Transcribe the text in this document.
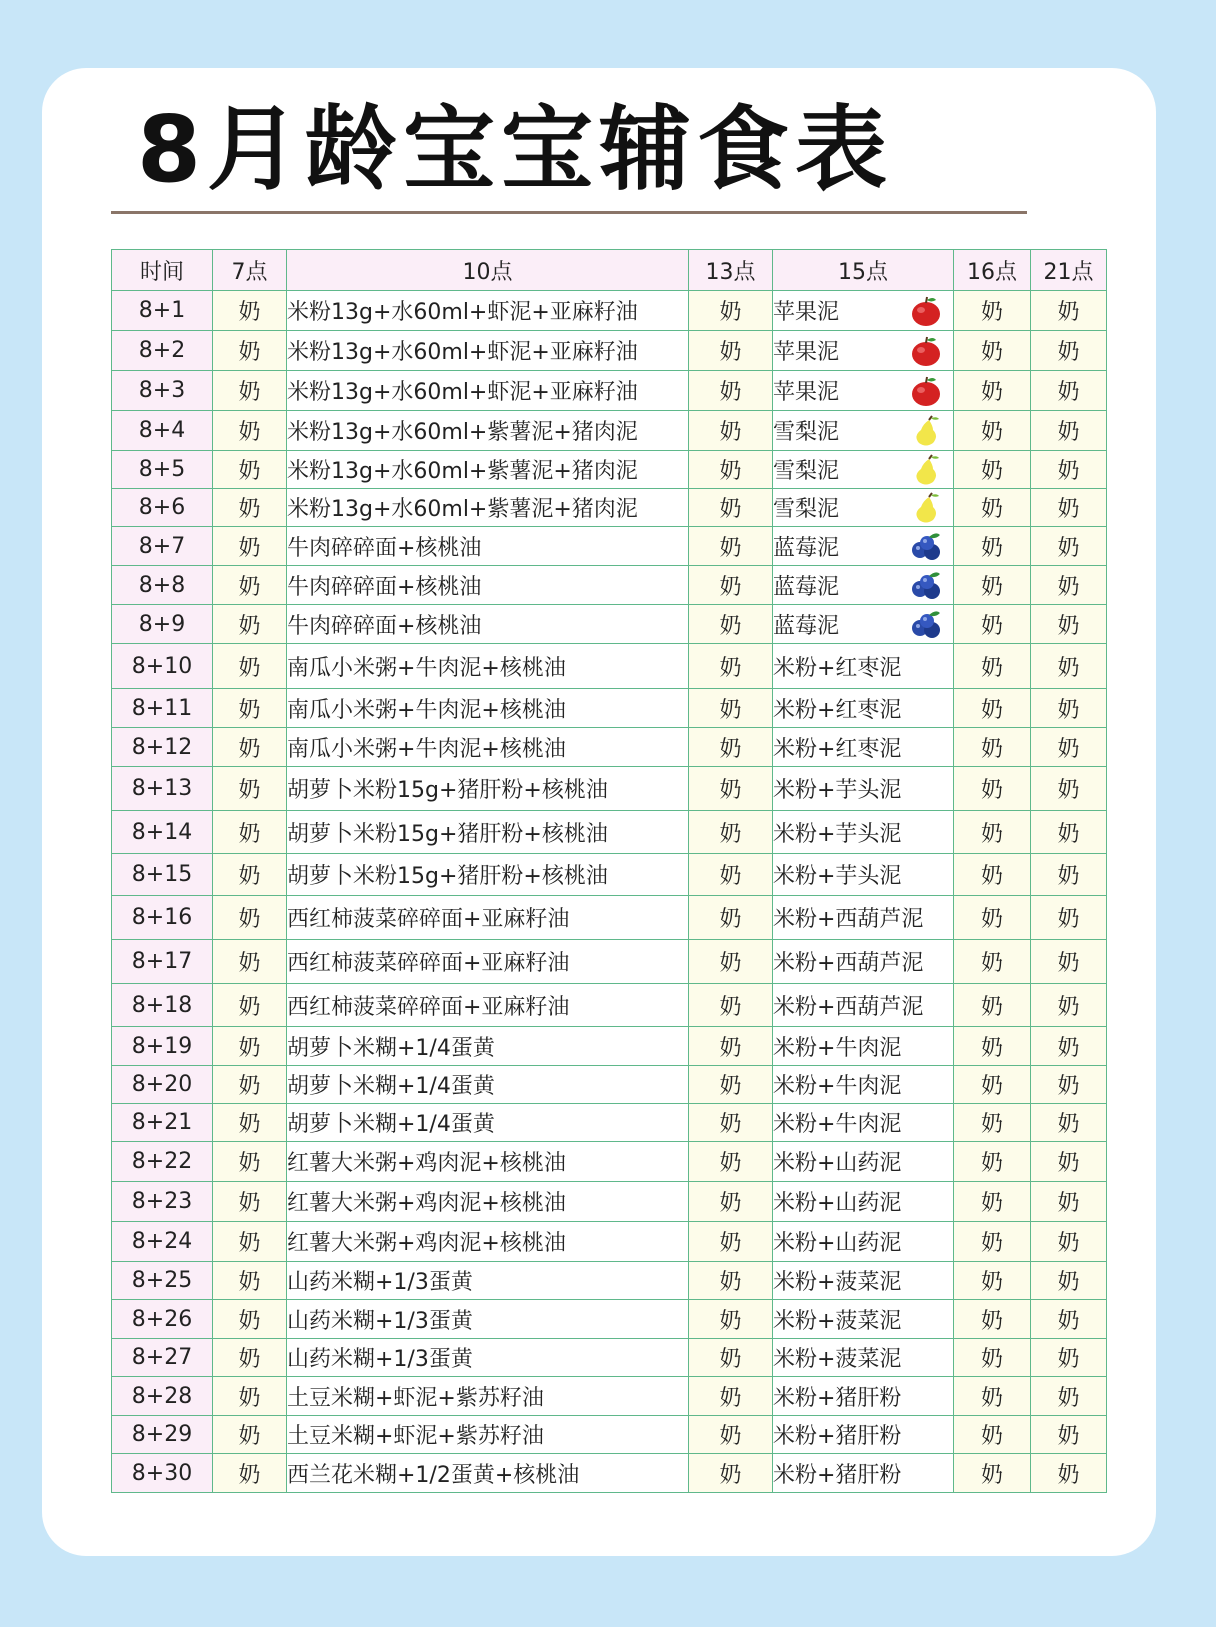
8月龄宝宝辅食表
时间	7点	10点	13点	15点	16点	21点
8+1	奶	米粉13g+水60ml+虾泥+亚麻籽油	奶	苹果泥	奶	奶
8+2	奶	米粉13g+水60ml+虾泥+亚麻籽油	奶	苹果泥	奶	奶
8+3	奶	米粉13g+水60ml+虾泥+亚麻籽油	奶	苹果泥	奶	奶
8+4	奶	米粉13g+水60ml+紫薯泥+猪肉泥	奶	雪梨泥	奶	奶
8+5	奶	米粉13g+水60ml+紫薯泥+猪肉泥	奶	雪梨泥	奶	奶
8+6	奶	米粉13g+水60ml+紫薯泥+猪肉泥	奶	雪梨泥	奶	奶
8+7	奶	牛肉碎碎面+核桃油	奶	蓝莓泥	奶	奶
8+8	奶	牛肉碎碎面+核桃油	奶	蓝莓泥	奶	奶
8+9	奶	牛肉碎碎面+核桃油	奶	蓝莓泥	奶	奶
8+10	奶	南瓜小米粥+牛肉泥+核桃油	奶	米粉+红枣泥	奶	奶
8+11	奶	南瓜小米粥+牛肉泥+核桃油	奶	米粉+红枣泥	奶	奶
8+12	奶	南瓜小米粥+牛肉泥+核桃油	奶	米粉+红枣泥	奶	奶
8+13	奶	胡萝卜米粉15g+猪肝粉+核桃油	奶	米粉+芋头泥	奶	奶
8+14	奶	胡萝卜米粉15g+猪肝粉+核桃油	奶	米粉+芋头泥	奶	奶
8+15	奶	胡萝卜米粉15g+猪肝粉+核桃油	奶	米粉+芋头泥	奶	奶
8+16	奶	西红柿菠菜碎碎面+亚麻籽油	奶	米粉+西葫芦泥	奶	奶
8+17	奶	西红柿菠菜碎碎面+亚麻籽油	奶	米粉+西葫芦泥	奶	奶
8+18	奶	西红柿菠菜碎碎面+亚麻籽油	奶	米粉+西葫芦泥	奶	奶
8+19	奶	胡萝卜米糊+1/4蛋黄	奶	米粉+牛肉泥	奶	奶
8+20	奶	胡萝卜米糊+1/4蛋黄	奶	米粉+牛肉泥	奶	奶
8+21	奶	胡萝卜米糊+1/4蛋黄	奶	米粉+牛肉泥	奶	奶
8+22	奶	红薯大米粥+鸡肉泥+核桃油	奶	米粉+山药泥	奶	奶
8+23	奶	红薯大米粥+鸡肉泥+核桃油	奶	米粉+山药泥	奶	奶
8+24	奶	红薯大米粥+鸡肉泥+核桃油	奶	米粉+山药泥	奶	奶
8+25	奶	山药米糊+1/3蛋黄	奶	米粉+菠菜泥	奶	奶
8+26	奶	山药米糊+1/3蛋黄	奶	米粉+菠菜泥	奶	奶
8+27	奶	山药米糊+1/3蛋黄	奶	米粉+菠菜泥	奶	奶
8+28	奶	土豆米糊+虾泥+紫苏籽油	奶	米粉+猪肝粉	奶	奶
8+29	奶	土豆米糊+虾泥+紫苏籽油	奶	米粉+猪肝粉	奶	奶
8+30	奶	西兰花米糊+1/2蛋黄+核桃油	奶	米粉+猪肝粉	奶	奶
